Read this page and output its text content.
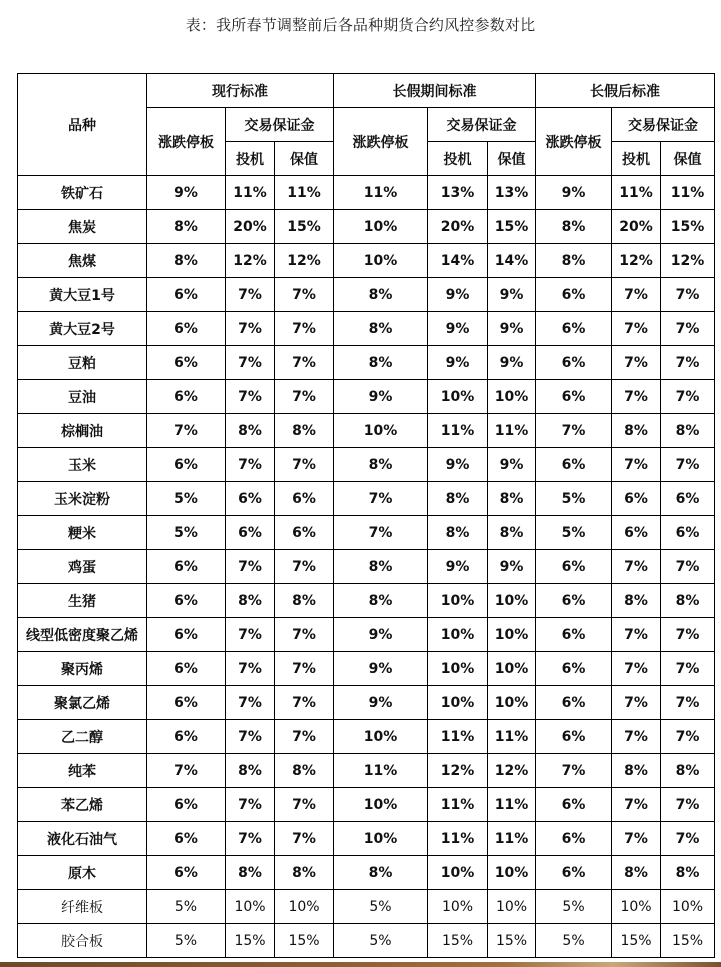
表：我所春节调整前后各品种期货合约风控参数对比
品种	现行标准			长假期间标准			长假后标准		
	涨跌停板	交易保证金		涨跌停板	交易保证金		涨跌停板	交易保证金	
		投机	保值		投机	保值		投机	保值
铁矿石	9%	11%	11%	11%	13%	13%	9%	11%	11%
焦炭	8%	20%	15%	10%	20%	15%	8%	20%	15%
焦煤	8%	12%	12%	10%	14%	14%	8%	12%	12%
黄大豆1号	6%	7%	7%	8%	9%	9%	6%	7%	7%
黄大豆2号	6%	7%	7%	8%	9%	9%	6%	7%	7%
豆粕	6%	7%	7%	8%	9%	9%	6%	7%	7%
豆油	6%	7%	7%	9%	10%	10%	6%	7%	7%
棕榈油	7%	8%	8%	10%	11%	11%	7%	8%	8%
玉米	6%	7%	7%	8%	9%	9%	6%	7%	7%
玉米淀粉	5%	6%	6%	7%	8%	8%	5%	6%	6%
粳米	5%	6%	6%	7%	8%	8%	5%	6%	6%
鸡蛋	6%	7%	7%	8%	9%	9%	6%	7%	7%
生猪	6%	8%	8%	8%	10%	10%	6%	8%	8%
线型低密度聚乙烯	6%	7%	7%	9%	10%	10%	6%	7%	7%
聚丙烯	6%	7%	7%	9%	10%	10%	6%	7%	7%
聚氯乙烯	6%	7%	7%	9%	10%	10%	6%	7%	7%
乙二醇	6%	7%	7%	10%	11%	11%	6%	7%	7%
纯苯	7%	8%	8%	11%	12%	12%	7%	8%	8%
苯乙烯	6%	7%	7%	10%	11%	11%	6%	7%	7%
液化石油气	6%	7%	7%	10%	11%	11%	6%	7%	7%
原木	6%	8%	8%	8%	10%	10%	6%	8%	8%
纤维板	5%	10%	10%	5%	10%	10%	5%	10%	10%
胶合板	5%	15%	15%	5%	15%	15%	5%	15%	15%
